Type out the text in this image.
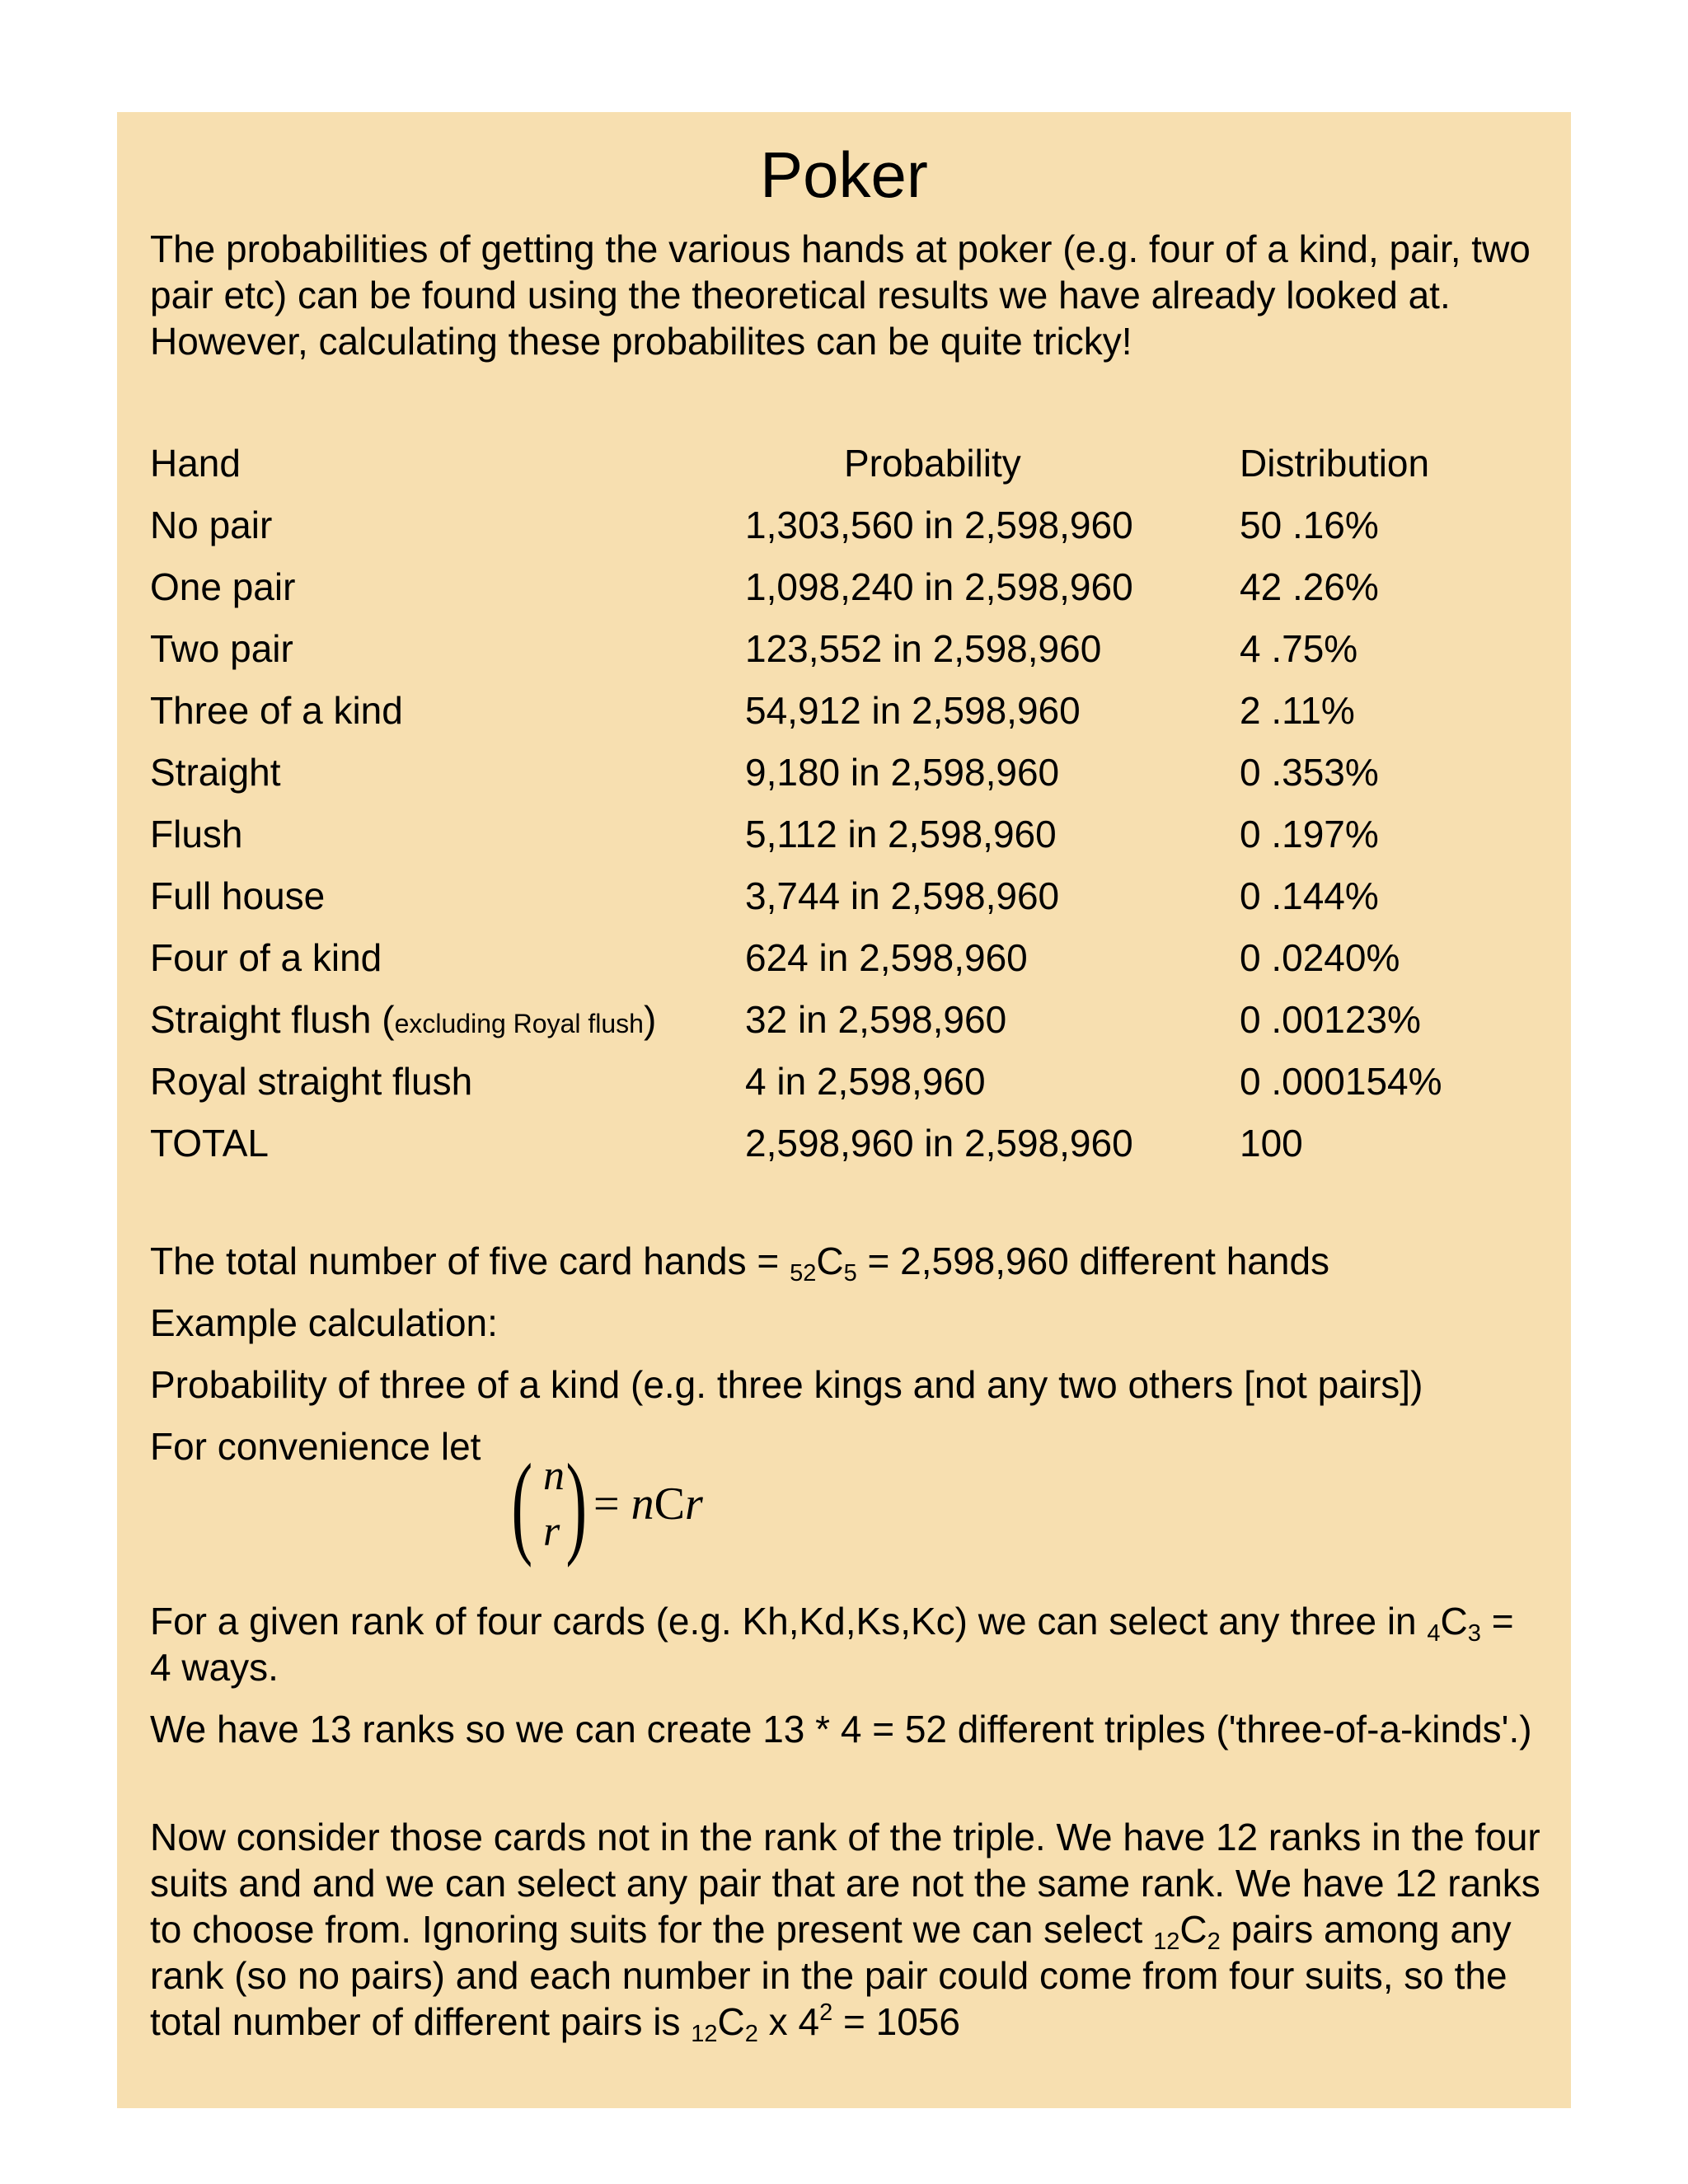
Poker
The probabilities of getting the various hands at poker (e.g. four of a kind, pair, two pair etc) can be found using the theoretical results we have already looked at. However, calculating these probabilites can be quite tricky!
Hand	Probability	Distribution
No pair	1,303,560 in 2,598,960	50 .16%
One pair	1,098,240 in 2,598,960	42 .26%
Two pair	123,552 in 2,598,960	4 .75%
Three of a kind	54,912 in 2,598,960	2 .11%
Straight	9,180 in 2,598,960	0 .353%
Flush	5,112 in 2,598,960	0 .197%
Full house	3,744 in 2,598,960	0 .144%
Four of a kind	624 in 2,598,960	0 .0240%
Straight flush (excluding Royal flush) 32 in 2,598,960	0 .00123%
Royal straight flush	4 in 2,598,960	0 .000154%
TOTAL	2,598,960 in 2,598,960	100
The total number of five card hands = $_{52}C_5 = 2,598,960$ different hands
Example calculation:
Probability of three of a kind (e.g. three kings and any two others [not pairs])
For convenience let ( n
r ) = nCr
For a given rank of four cards (e.g. Kh,Kd,Ks,Kc) we can select any three in $_4C_3 = 4$ ways.
We have 13 ranks so we can create 13 * 4 = 52 different triples ('three-of-a-kinds'.)
Now consider those cards not in the rank of the triple. We have 12 ranks in the four suits and and we can select any pair that are not the same rank. We have 12 ranks to choose from. Ignoring suits for the present we can select $_{12}C_2$ pairs among any rank (so no pairs) and each number in the pair could come from four suits, so the total number of different pairs is $_{12}C_2$ x $4^2 = 1056$
